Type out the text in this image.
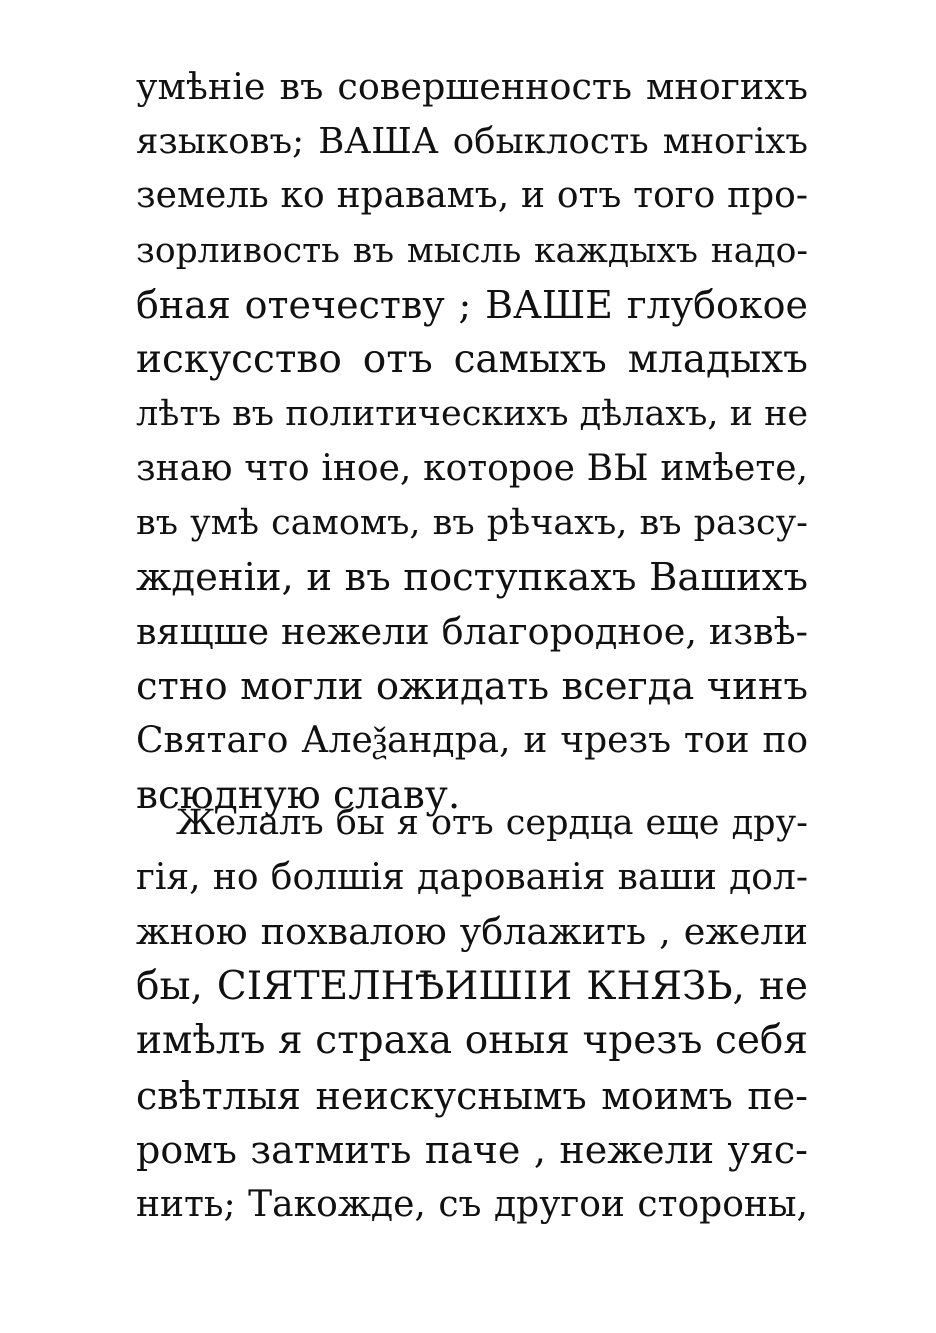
умѣніе въ совершенность многихъ
языковъ; ВАША обыклость многіхъ
земель ко нравамъ, и отъ того про-
зорливость въ мысль каждыхъ надо-
бная отечеству ; ВАШЕ глубокое
искусство отъ самыхъ младыхъ
лѣтъ въ политическихъ дѣлахъ, и не
знаю что іное, которое ВЫ имѣете,
въ умѣ самомъ, въ рѣчахъ, въ разсу-
жденіи, и въ поступкахъ Вашихъ
вящше нежели благородное, извѣ-
стно могли ожидать всегда чинъ
Святаго Алеѯандра, и чрезъ тои по
всюдную славу.
Желалъ бы я отъ сердца еще дру-
гія, но болшія дарованія ваши дол-
жною похвалою ублажить , ежели
бы, СІЯТЕЛНѢИШІИ КНЯЗЬ, не
имѣлъ я страха оныя чрезъ себя
свѣтлыя неискуснымъ моимъ пе-
ромъ затмить паче , нежели уяс-
нить; Такожде, съ другои стороны,
